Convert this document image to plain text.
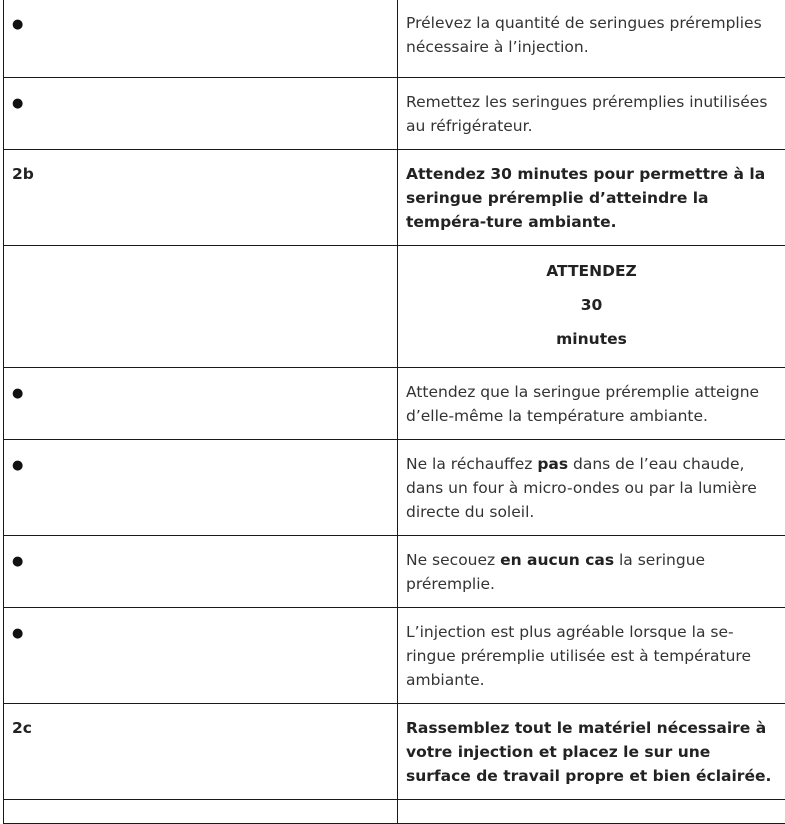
●	Prélevez la quantité de seringues préremplies nécessaire à l’injection.
●	Remettez les seringues préremplies inutilisées au réfrigérateur.
2b	Attendez 30 minutes pour permettre à la seringue préremplie d’atteindre la tempéra-ture ambiante.

	ATTENDEZ

30

minutes

●	Attendez que la seringue préremplie atteigne d’elle-même la température ambiante.
●	Ne la réchauffez pas dans de l’eau chaude, dans un four à micro-ondes ou par la lumière directe du soleil.
●	Ne secouez en aucun cas la seringue préremplie.
●	L’injection est plus agréable lorsque la se-ringue préremplie utilisée est à température ambiante.
2c	Rassemblez tout le matériel nécessaire à votre injection et placez le sur une surface de travail propre et bien éclairée.
